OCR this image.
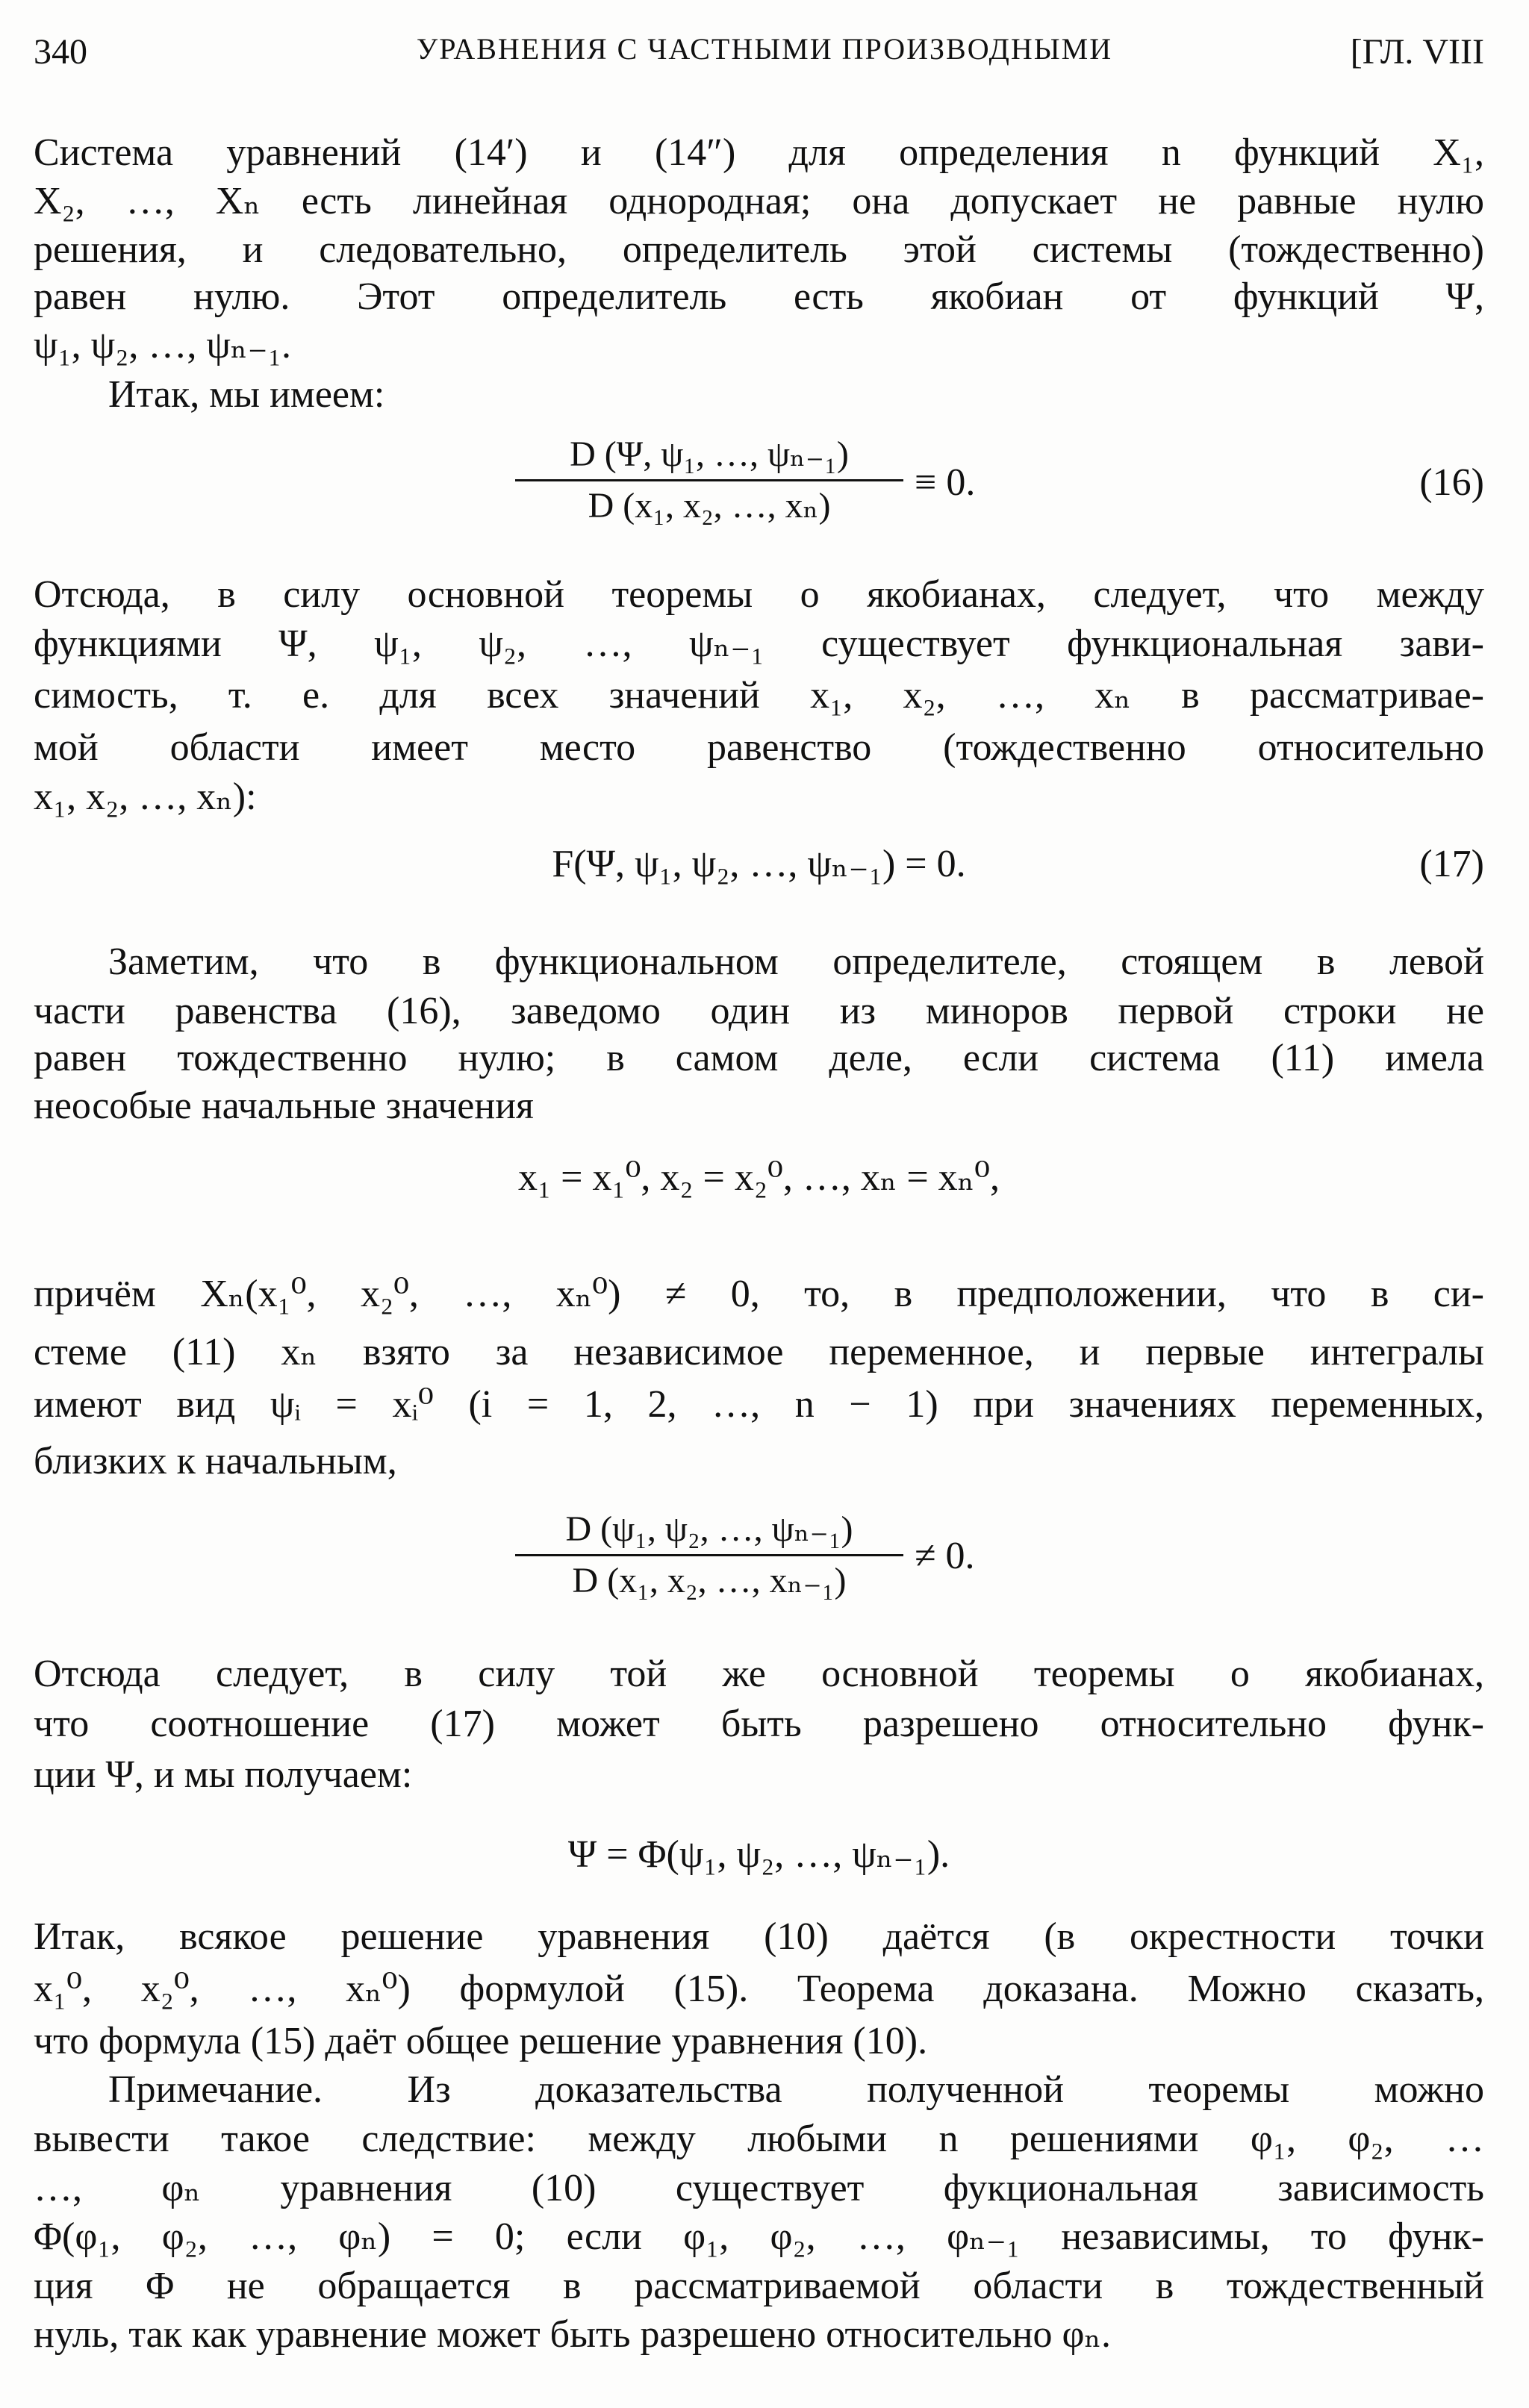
УРАВНЕНИЯ С ЧАСТНЫМИ ПРОИЗВОДНЫМИ
340	[ГЛ. VIII
$\frac{\text{D (Ψ, ψ₁, …, ψₙ₋₁)}}{\text{D (x₁, x₂, …, xₙ)}} \equiv 0$.	(16)
(17)
$\frac{\text{D (ψ₁, ψ₂, …, ψₙ₋₁)}}{\text{D (x₁, x₂, …, xₙ₋₁)}} \ne 0$.
Система уравнений (14′) и (14″) для определения n функций X₁,
X₂, …, Xₙ есть линейная однородная; она допускает не равные нулю
решения, и следовательно, определитель этой системы (тождественно)
равен нулю. Этот определитель есть якобиан от функций Ψ,
ψ₁, ψ₂, …, ψₙ₋₁.
Итак, мы имеем:
Отсюда, в силу основной теоремы о якобианах, следует, что между
функциями Ψ, ψ₁, ψ₂, …, ψₙ₋₁ существует функциональная зави-
симость, т. е. для всех значений x₁, x₂, …, xₙ в рассматривае-
мой области имеет место равенство (тождественно относительно
x₁, x₂, …, xₙ):
F(Ψ, ψ₁, ψ₂, …, ψₙ₋₁) = 0.
Заметим, что в функциональном определителе, стоящем в левой
части равенства (16), заведомо один из миноров первой строки не
равен тождественно нулю; в самом деле, если система (11) имела
неособые начальные значения
x₁ = x₁⁰, x₂ = x₂⁰, …, xₙ = xₙ⁰,
причём Xₙ(x₁⁰, x₂⁰, …, xₙ⁰) ≠ 0, то, в предположении, что в си-
стеме (11) xₙ взято за независимое переменное, и первые интегралы
имеют вид ψᵢ = xᵢ⁰ (i = 1, 2, …, n − 1) при значениях переменных,
близких к начальным,
Отсюда следует, в силу той же основной теоремы о якобианах,
что соотношение (17) может быть разрешено относительно функ-
ции Ψ, и мы получаем:
Ψ = Φ(ψ₁, ψ₂, …, ψₙ₋₁).
Итак, всякое решение уравнения (10) даётся (в окрестности точки
x₁⁰, x₂⁰, …, xₙ⁰) формулой (15). Теорема доказана. Можно сказать,
что формула (15) даёт общее решение уравнения (10).
Примечание. Из доказательства полученной теоремы можно
вывести такое следствие: между любыми n решениями φ₁, φ₂, …
…, φₙ уравнения (10) существует фукциональная зависимость
Φ(φ₁, φ₂, …, φₙ) = 0; если φ₁, φ₂, …, φₙ₋₁ независимы, то функ-
ция Φ не обращается в рассматриваемой области в тождественный
нуль, так как уравнение может быть разрешено относительно φₙ.
